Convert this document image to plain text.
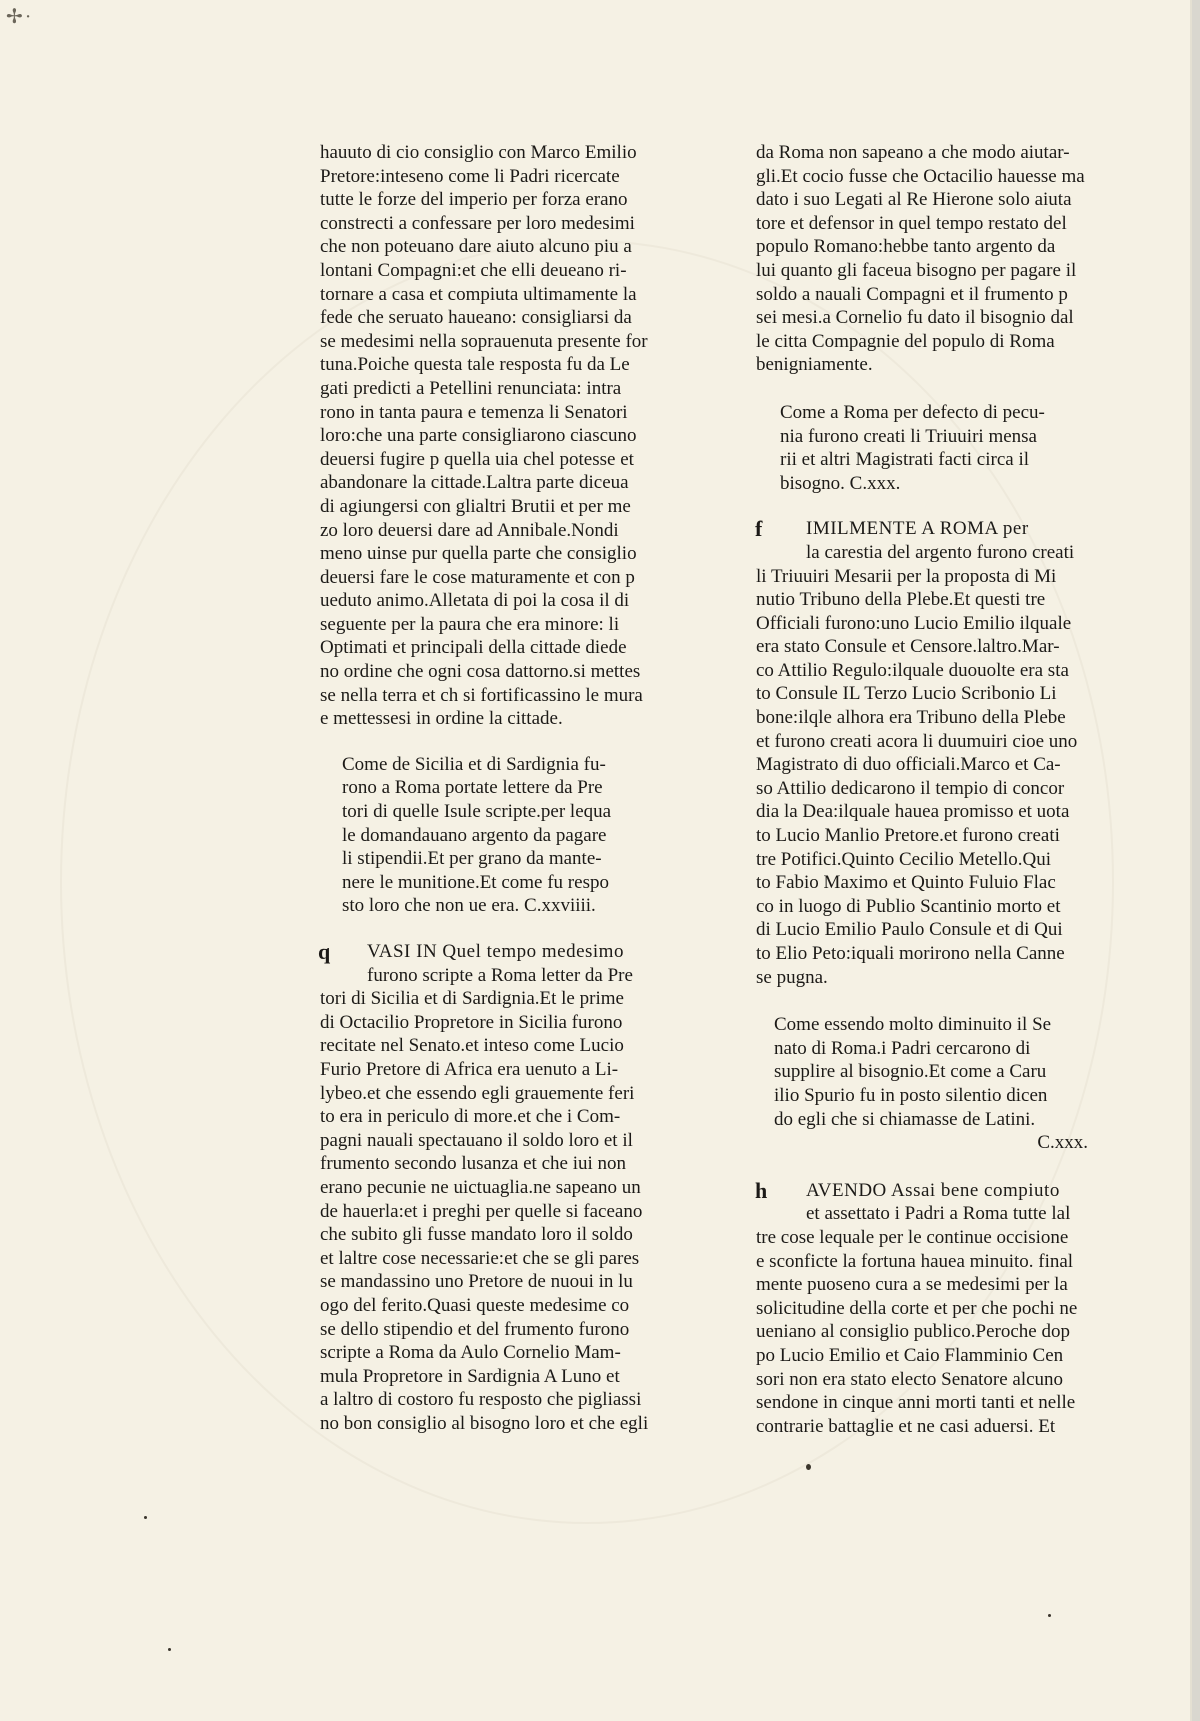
✢·
hauuto di cio consiglio con Marco Emilio
Pretore:inteseno come li Padri ricercate
tutte le forze del imperio per forza erano
constrecti a confessare per loro medesimi
che non poteuano dare aiuto alcuno piu a
lontani Compagni:et che elli deueano ri-
tornare a casa et compiuta ultimamente la
fede che seruato haueano: consigliarsi da
se medesimi nella soprauenuta presente for
tuna.Poiche questa tale resposta fu da Le
gati predicti a Petellini renunciata: intra
rono in tanta paura e temenza li Senatori
loro:che una parte consigliarono ciascuno
deuersi fugire p quella uia chel potesse et
abandonare la cittade.Laltra parte diceua
di agiungersi con glialtri Brutii et per me
zo loro deuersi dare ad Annibale.Nondi
meno uinse pur quella parte che consiglio
deuersi fare le cose maturamente et con p
ueduto animo.Alletata di poi la cosa il di
seguente per la paura che era minore: li
Optimati et principali della cittade diede
no ordine che ogni cosa dattorno.si mettes
se nella terra et ch si fortificassino le mura
e mettessesi in ordine la cittade.
Come de Sicilia et di Sardignia fu-
rono a Roma portate lettere da Pre
tori di quelle Isule scripte.per lequa
le domandauano argento da pagare
li stipendii.Et per grano da mante-
nere le munitione.Et come fu respo
sto loro che non ue era. C.xxviiii.
q	VASI IN Quel tempo medesimo
furono scripte a Roma letter da Pre
tori di Sicilia et di Sardignia.Et le prime
di Octacilio Propretore in Sicilia furono
recitate nel Senato.et inteso come Lucio
Furio Pretore di Africa era uenuto a Li-
lybeo.et che essendo egli grauemente feri
to era in periculo di more.et che i Com-
pagni nauali spectauano il soldo loro et il
frumento secondo lusanza et che iui non
erano pecunie ne uictuaglia.ne sapeano un
de hauerla:et i preghi per quelle si faceano
che subito gli fusse mandato loro il soldo
et laltre cose necessarie:et che se gli pares
se mandassino uno Pretore de nuoui in lu
ogo del ferito.Quasi queste medesime co
se dello stipendio et del frumento furono
scripte a Roma da Aulo Cornelio Mam-
mula Propretore in Sardignia A Luno et
a laltro di costoro fu resposto che pigliassi
no bon consiglio al bisogno loro et che egli
da Roma non sapeano a che modo aiutar-
gli.Et cocio fusse che Octacilio hauesse ma
dato i suo Legati al Re Hierone solo aiuta
tore et defensor in quel tempo restato del
populo Romano:hebbe tanto argento da
lui quanto gli faceua bisogno per pagare il
soldo a nauali Compagni et il frumento p
sei mesi.a Cornelio fu dato il bisognio dal
le citta Compagnie del populo di Roma
benigniamente.
Come a Roma per defecto di pecu-
nia furono creati li Triuuiri mensa
rii et altri Magistrati facti circa il
bisogno. C.xxx.
f	IMILMENTE A ROMA per
la carestia del argento furono creati
li Triuuiri Mesarii per la proposta di Mi
nutio Tribuno della Plebe.Et questi tre
Officiali furono:uno Lucio Emilio ilquale
era stato Consule et Censore.laltro.Mar-
co Attilio Regulo:ilquale duouolte era sta
to Consule IL Terzo Lucio Scribonio Li
bone:ilqle alhora era Tribuno della Plebe
et furono creati acora li duumuiri cioe uno
Magistrato di duo officiali.Marco et Ca-
so Attilio dedicarono il tempio di concor
dia la Dea:ilquale hauea promisso et uota
to Lucio Manlio Pretore.et furono creati
tre Potifici.Quinto Cecilio Metello.Qui
to Fabio Maximo et Quinto Fuluio Flac
co in luogo di Publio Scantinio morto et
di Lucio Emilio Paulo Consule et di Qui
to Elio Peto:iquali morirono nella Canne
se pugna.
Come essendo molto diminuito il Se
nato di Roma.i Padri cercarono di
supplire al bisognio.Et come a Caru
ilio Spurio fu in posto silentio dicen
do egli che si chiamasse de Latini.
C.xxx.
h	AVENDO Assai bene compiuto
et assettato i Padri a Roma tutte lal
tre cose lequale per le continue occisione
e sconficte la fortuna hauea minuito. final
mente puoseno cura a se medesimi per la
solicitudine della corte et per che pochi ne
ueniano al consiglio publico.Peroche dop
po Lucio Emilio et Caio Flamminio Cen
sori non era stato electo Senatore alcuno
sendone in cinque anni morti tanti et nelle
contrarie battaglie et ne casi aduersi. Et
